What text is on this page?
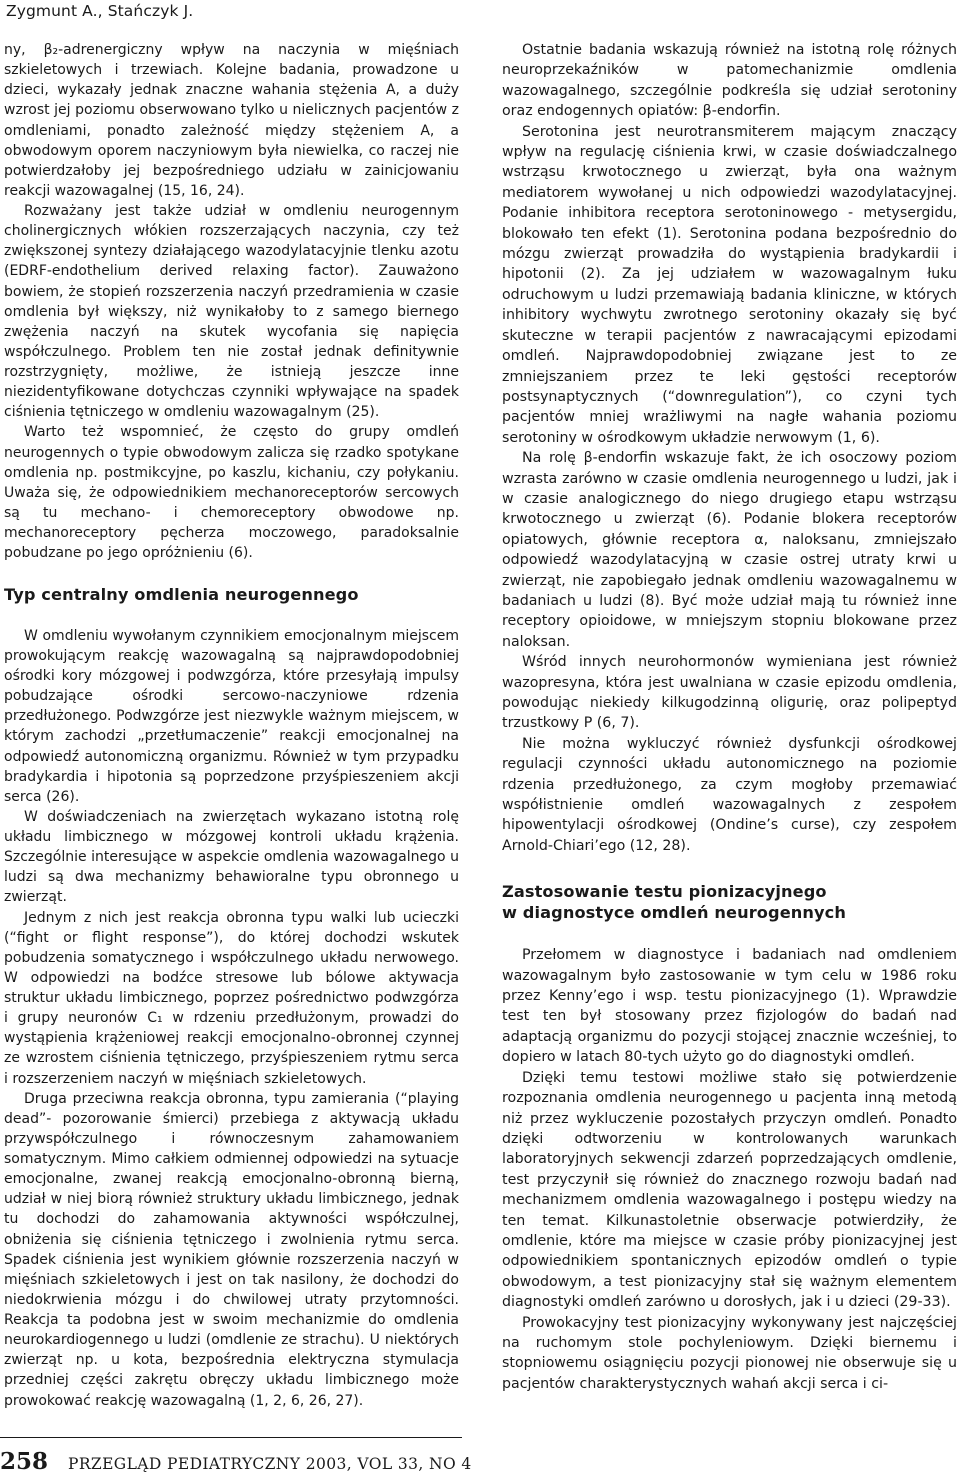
Zygmunt A., Stańczyk J.

ny, β₂-adrenergiczny wpływ na naczynia w mięśniach szkieletowych i trzewiach. Kolejne badania, prowadzone u dzieci, wykazały jednak znaczne wahania stężenia A, a duży wzrost jej poziomu obserwowano tylko u nielicznych pacjentów z omdleniami, ponadto zależność między stężeniem A, a obwodowym oporem naczyniowym była niewielka, co raczej nie potwierdzałoby jej bezpośredniego udziału w zainicjowaniu reakcji wazowagalnej (15, 16, 24).

Rozważany jest także udział w omdleniu neurogennym cholinergicznych włókien rozszerzających naczynia, czy też zwiększonej syntezy działającego wazodylatacyjnie tlenku azotu (EDRF-endothelium derived relaxing factor). Zauważono bowiem, że stopień rozszerzenia naczyń przedramienia w czasie omdlenia był większy, niż wynikałoby to z samego biernego zwężenia naczyń na skutek wycofania się napięcia współczulnego. Problem ten nie został jednak definitywnie rozstrzygnięty, możliwe, że istnieją jeszcze inne niezidentyfikowane dotychczas czynniki wpływające na spadek ciśnienia tętniczego w omdleniu wazowagalnym (25).

Warto też wspomnieć, że często do grupy omdleń neurogennych o typie obwodowym zalicza się rzadko spotykane omdlenia np. postmikcyjne, po kaszlu, kichaniu, czy połykaniu. Uważa się, że odpowiednikiem mechanoreceptorów sercowych są tu mechano- i chemoreceptory obwodowe np. mechanoreceptory pęcherza moczowego, paradoksalnie pobudzane po jego opróżnieniu (6).

Typ centralny omdlenia neurogennego

W omdleniu wywołanym czynnikiem emocjonalnym miejscem prowokującym reakcję wazowagalną są najprawdopodobniej ośrodki kory mózgowej i podwzgórza, które przesyłają impulsy pobudzające ośrodki sercowo-naczyniowe rdzenia przedłużonego. Podwzgórze jest niezwykle ważnym miejscem, w którym zachodzi „przetłumaczenie” reakcji emocjonalnej na odpowiedź autonomiczną organizmu. Również w tym przypadku bradykardia i hipotonia są poprzedzone przyśpieszeniem akcji serca (26).

W doświadczeniach na zwierzętach wykazano istotną rolę układu limbicznego w mózgowej kontroli układu krążenia. Szczególnie interesujące w aspekcie omdlenia wazowagalnego u ludzi są dwa mechanizmy behawioralne typu obronnego u zwierząt.

Jednym z nich jest reakcja obronna typu walki lub ucieczki (“fight or flight response”), do której dochodzi wskutek pobudzenia somatycznego i współczulnego układu nerwowego. W odpowiedzi na bodźce stresowe lub bólowe aktywacja struktur układu limbicznego, poprzez pośrednictwo podwzgórza i grupy neuronów C₁ w rdzeniu przedłużonym, prowadzi do wystąpienia krążeniowej reakcji emocjonalno-obronnej czynnej ze wzrostem ciśnienia tętniczego, przyśpieszeniem rytmu serca i rozszerzeniem naczyń w mięśniach szkieletowych.

Druga przeciwna reakcja obronna, typu zamierania (“playing dead”- pozorowanie śmierci) przebiega z aktywacją układu przywspółczulnego i równoczesnym zahamowaniem somatycznym. Mimo całkiem odmiennej odpowiedzi na sytuacje emocjonalne, zwanej reakcją emocjonalno-obronną bierną, udział w niej biorą również struktury układu limbicznego, jednak tu dochodzi do zahamowania aktywności współczulnej, obniżenia się ciśnienia tętniczego i zwolnienia rytmu serca. Spadek ciśnienia jest wynikiem głównie rozszerzenia naczyń w mięśniach szkieletowych i jest on tak nasilony, że dochodzi do niedokrwienia mózgu i do chwilowej utraty przytomności. Reakcja ta podobna jest w swoim mechanizmie do omdlenia neurokardiogennego u ludzi (omdlenie ze strachu). U niektórych zwierząt np. u kota, bezpośrednia elektryczna stymulacja przedniej części zakrętu obręczy układu limbicznego może prowokować reakcję wazowagalną (1, 2, 6, 26, 27).

Ostatnie badania wskazują również na istotną rolę różnych neuroprzekaźników w patomechanizmie omdlenia wazowagalnego, szczególnie podkreśla się udział serotoniny oraz endogennych opiatów: β-endorfin.

Serotonina jest neurotransmiterem mającym znaczący wpływ na regulację ciśnienia krwi, w czasie doświadczalnego wstrząsu krwotocznego u zwierząt, była ona ważnym mediatorem wywołanej u nich odpowiedzi wazodylatacyjnej. Podanie inhibitora receptora serotoninowego - metysergidu, blokowało ten efekt (1). Serotonina podana bezpośrednio do mózgu zwierząt prowadziła do wystąpienia bradykardii i hipotonii (2). Za jej udziałem w wazowagalnym łuku odruchowym u ludzi przemawiają badania kliniczne, w których inhibitory wychwytu zwrotnego serotoniny okazały się być skuteczne w terapii pacjentów z nawracającymi epizodami omdleń. Najprawdopodobniej związane jest to ze zmniejszaniem przez te leki gęstości receptorów postsynaptycznych (“downregulation”), co czyni tych pacjentów mniej wrażliwymi na nagłe wahania poziomu serotoniny w ośrodkowym układzie nerwowym (1, 6).

Na rolę β-endorfin wskazuje fakt, że ich osoczowy poziom wzrasta zarówno w czasie omdlenia neurogennego u ludzi, jak i w czasie analogicznego do niego drugiego etapu wstrząsu krwotocznego u zwierząt (6). Podanie blokera receptorów opiatowych, głównie receptora α, naloksanu, zmniejszało odpowiedź wazodylatacyjną w czasie ostrej utraty krwi u zwierząt, nie zapobiegało jednak omdleniu wazowagalnemu w badaniach u ludzi (8). Być może udział mają tu również inne receptory opioidowe, w mniejszym stopniu blokowane przez naloksan.

Wśród innych neurohormonów wymieniana jest również wazopresyna, która jest uwalniana w czasie epizodu omdlenia, powodując niekiedy kilkugodzinną oligurię, oraz polipeptyd trzustkowy P (6, 7).

Nie można wykluczyć również dysfunkcji ośrodkowej regulacji czynności układu autonomicznego na poziomie rdzenia przedłużonego, za czym mogłoby przemawiać współistnienie omdleń wazowagalnych z zespołem hipowentylacji ośrodkowej (Ondine’s curse), czy zespołem Arnold-Chiari’ego (12, 28).

Zastosowanie testu pionizacyjnego
w diagnostyce omdleń neurogennych

Przełomem w diagnostyce i badaniach nad omdleniem wazowagalnym było zastosowanie w tym celu w 1986 roku przez Kenny’ego i wsp. testu pionizacyjnego (1). Wprawdzie test ten był stosowany przez fizjologów do badań nad adaptacją organizmu do pozycji stojącej znacznie wcześniej, to dopiero w latach 80-tych użyto go do diagnostyki omdleń.

Dzięki temu testowi możliwe stało się potwierdzenie rozpoznania omdlenia neurogennego u pacjenta inną metodą niż przez wykluczenie pozostałych przyczyn omdleń. Ponadto dzięki odtworzeniu w kontrolowanych warunkach laboratoryjnych sekwencji zdarzeń poprzedzających omdlenie, test przyczynił się również do znacznego rozwoju badań nad mechanizmem omdlenia wazowagalnego i postępu wiedzy na ten temat. Kilkunastoletnie obserwacje potwierdziły, że omdlenie, które ma miejsce w czasie próby pionizacyjnej jest odpowiednikiem spontanicznych epizodów omdleń o typie obwodowym, a test pionizacyjny stał się ważnym elementem diagnostyki omdleń zarówno u dorosłych, jak i u dzieci (29-33).

Prowokacyjny test pionizacyjny wykonywany jest najczęściej na ruchomym stole pochyleniowym. Dzięki biernemu i stopniowemu osiągnięciu pozycji pionowej nie obserwuje się u pacjentów charakterystycznych wahań akcji serca i ci-

258 PRZEGLĄD PEDIATRYCZNY 2003, VOL 33, NO 4
